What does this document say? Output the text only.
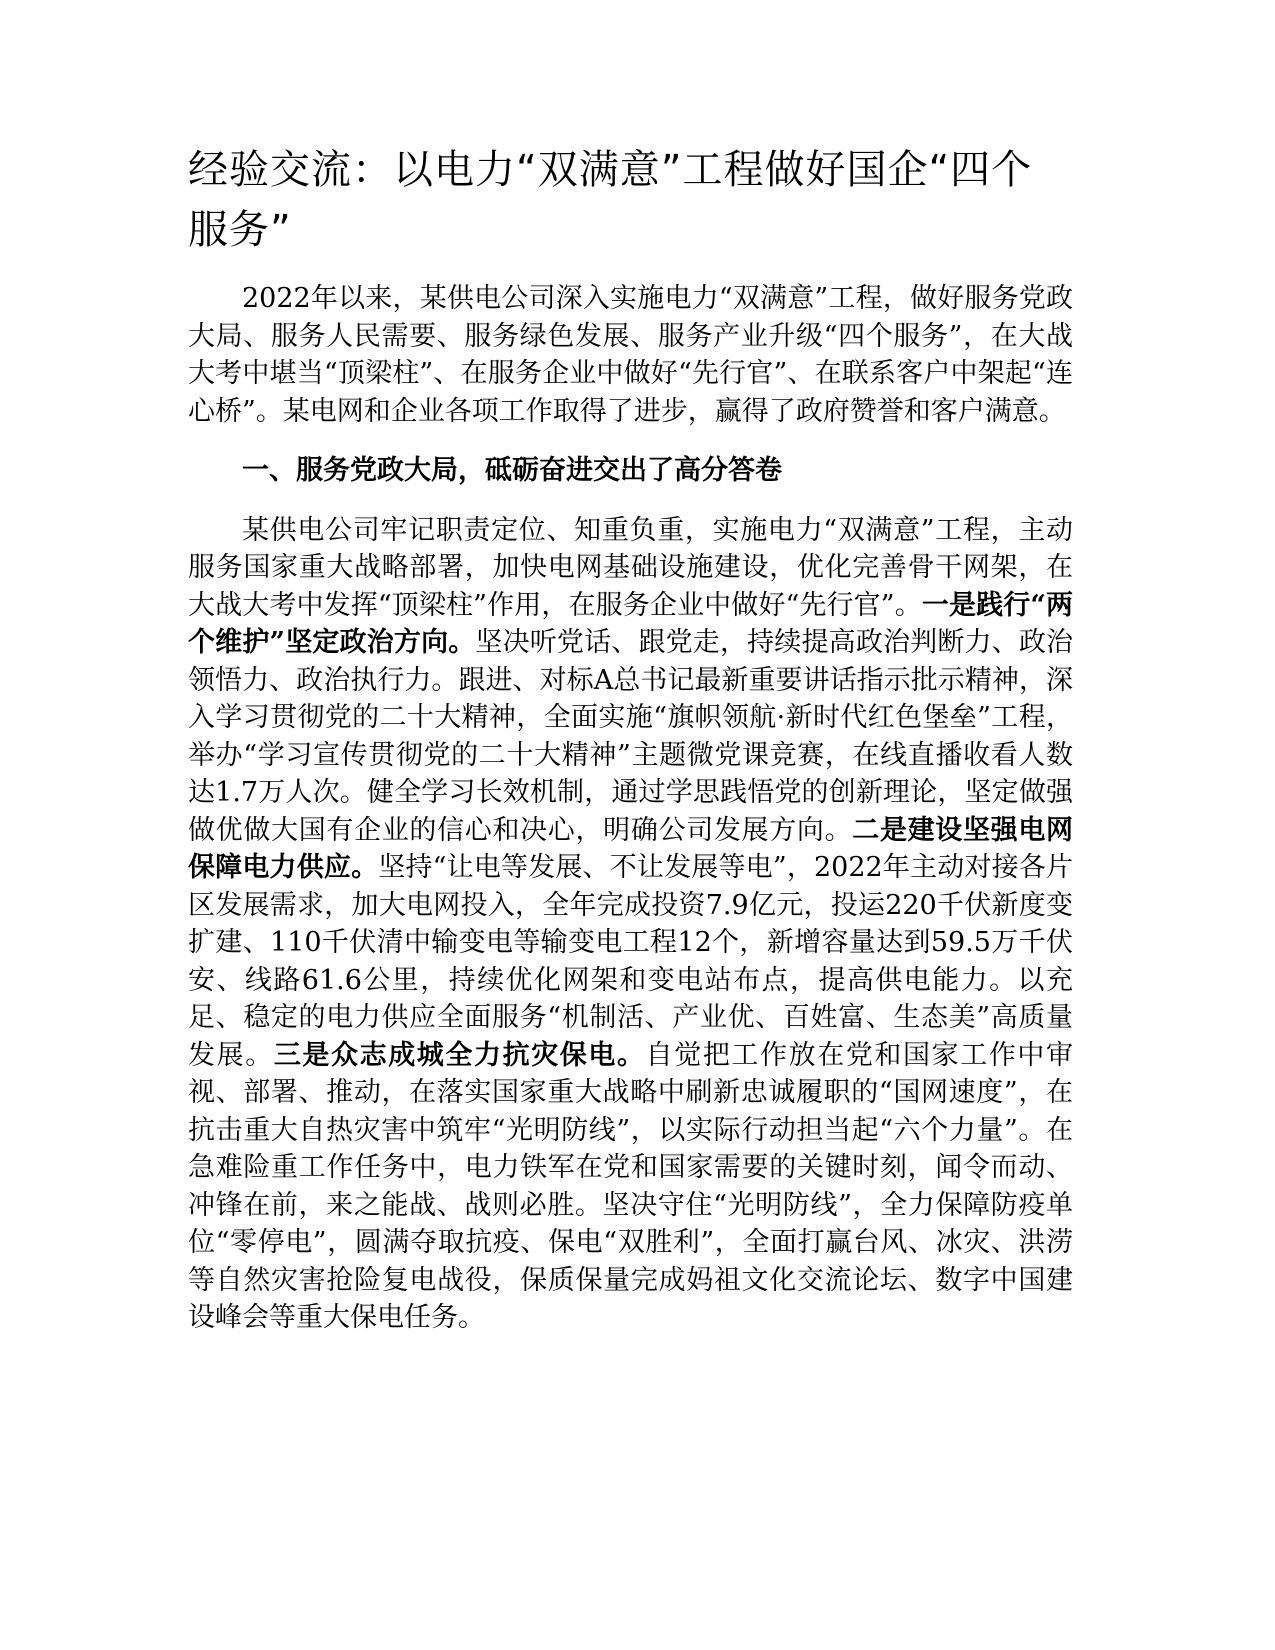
经验交流：以电力“双满意”工程做好国企“四个服务”

2022年以来，某供电公司深入实施电力“双满意”工程，做好服务党政大局、服务人民需要、服务绿色发展、服务产业升级“四个服务”，在大战大考中堪当“顶梁柱”、在服务企业中做好“先行官”、在联系客户中架起“连心桥”。某电网和企业各项工作取得了进步，赢得了政府赞誉和客户满意。

一、服务党政大局，砥砺奋进交出了高分答卷

某供电公司牢记职责定位、知重负重，实施电力“双满意”工程，主动服务国家重大战略部署，加快电网基础设施建设，优化完善骨干网架，在大战大考中发挥“顶梁柱”作用，在服务企业中做好“先行官”。一是践行“两个维护”坚定政治方向。坚决听党话、跟党走，持续提高政治判断力、政治领悟力、政治执行力。跟进、对标A总书记最新重要讲话指示批示精神，深入学习贯彻党的二十大精神，全面实施“旗帜领航·新时代红色堡垒”工程，举办“学习宣传贯彻党的二十大精神”主题微党课竞赛，在线直播收看人数达1.7万人次。健全学习长效机制，通过学思践悟党的创新理论，坚定做强做优做大国有企业的信心和决心，明确公司发展方向。二是建设坚强电网保障电力供应。坚持“让电等发展、不让发展等电”，2022年主动对接各片区发展需求，加大电网投入，全年完成投资7.9亿元，投运220千伏新度变扩建、110千伏清中输变电等输变电工程12个，新增容量达到59.5万千伏安、线路61.6公里，持续优化网架和变电站布点，提高供电能力。以充足、稳定的电力供应全面服务“机制活、产业优、百姓富、生态美”高质量发展。三是众志成城全力抗灾保电。自觉把工作放在党和国家工作中审视、部署、推动，在落实国家重大战略中刷新忠诚履职的“国网速度”，在抗击重大自热灾害中筑牢“光明防线”，以实际行动担当起“六个力量”。在急难险重工作任务中，电力铁军在党和国家需要的关键时刻，闻令而动、冲锋在前，来之能战、战则必胜。坚决守住“光明防线”，全力保障防疫单位“零停电”，圆满夺取抗疫、保电“双胜利”，全面打赢台风、冰灾、洪涝等自然灾害抢险复电战役，保质保量完成妈祖文化交流论坛、数字中国建设峰会等重大保电任务。
